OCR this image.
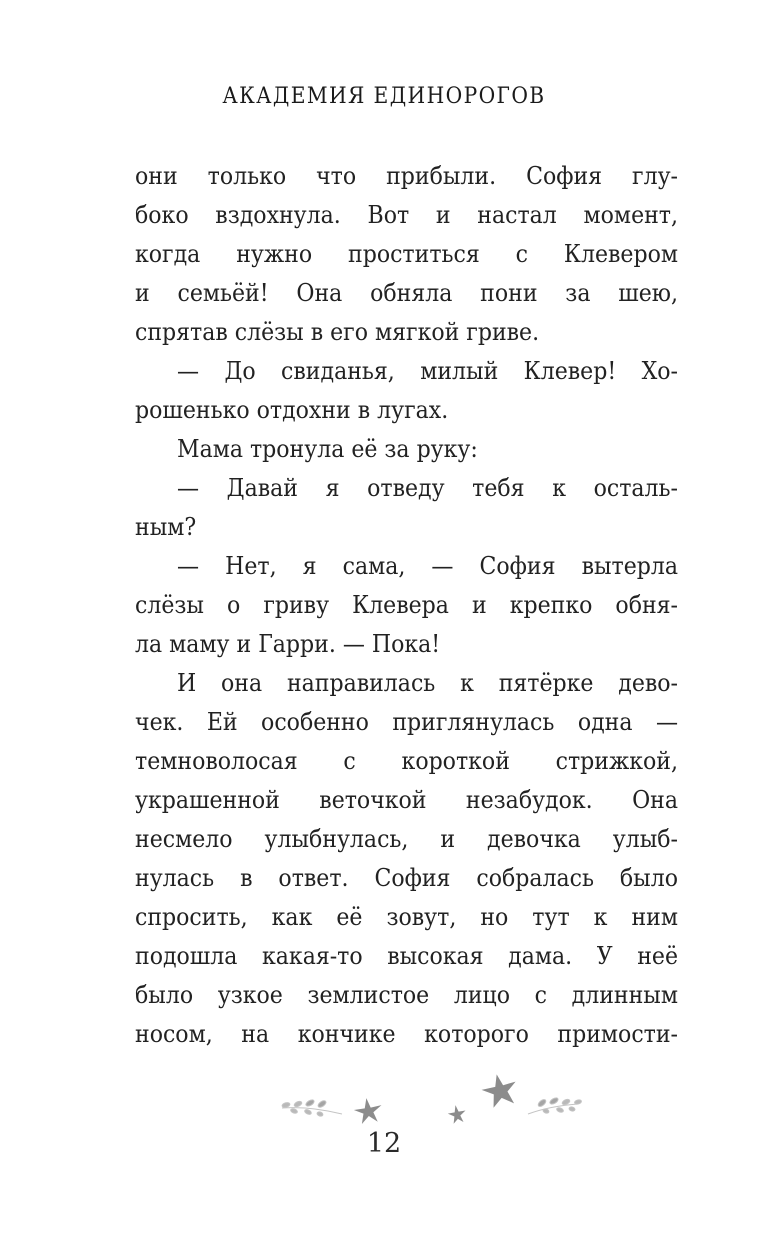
АКАДЕМИЯ ЕДИНОРОГОВ
они только что прибыли. София глу-
боко вздохнула. Вот и настал момент,
когда нужно проститься с Клевером
и семьёй! Она обняла пони за шею,
спрятав слёзы в его мягкой гриве.
— До свиданья, милый Клевер! Хо-
рошенько отдохни в лугах.
Мама тронула её за руку:
— Давай я отведу тебя к осталь-
ным?
— Нет, я сама, — София вытерла
слёзы о гриву Клевера и крепко обня-
ла маму и Гарри. — Пока!
И она направилась к пятёрке дево-
чек. Ей особенно приглянулась одна —
темноволосая с короткой стрижкой,
украшенной веточкой незабудок. Она
несмело улыбнулась, и девочка улыб-
нулась в ответ. София собралась было
спросить, как её зовут, но тут к ним
подошла какая-то высокая дама. У неё
было узкое землистое лицо с длинным
носом, на кончике которого примости-
12
